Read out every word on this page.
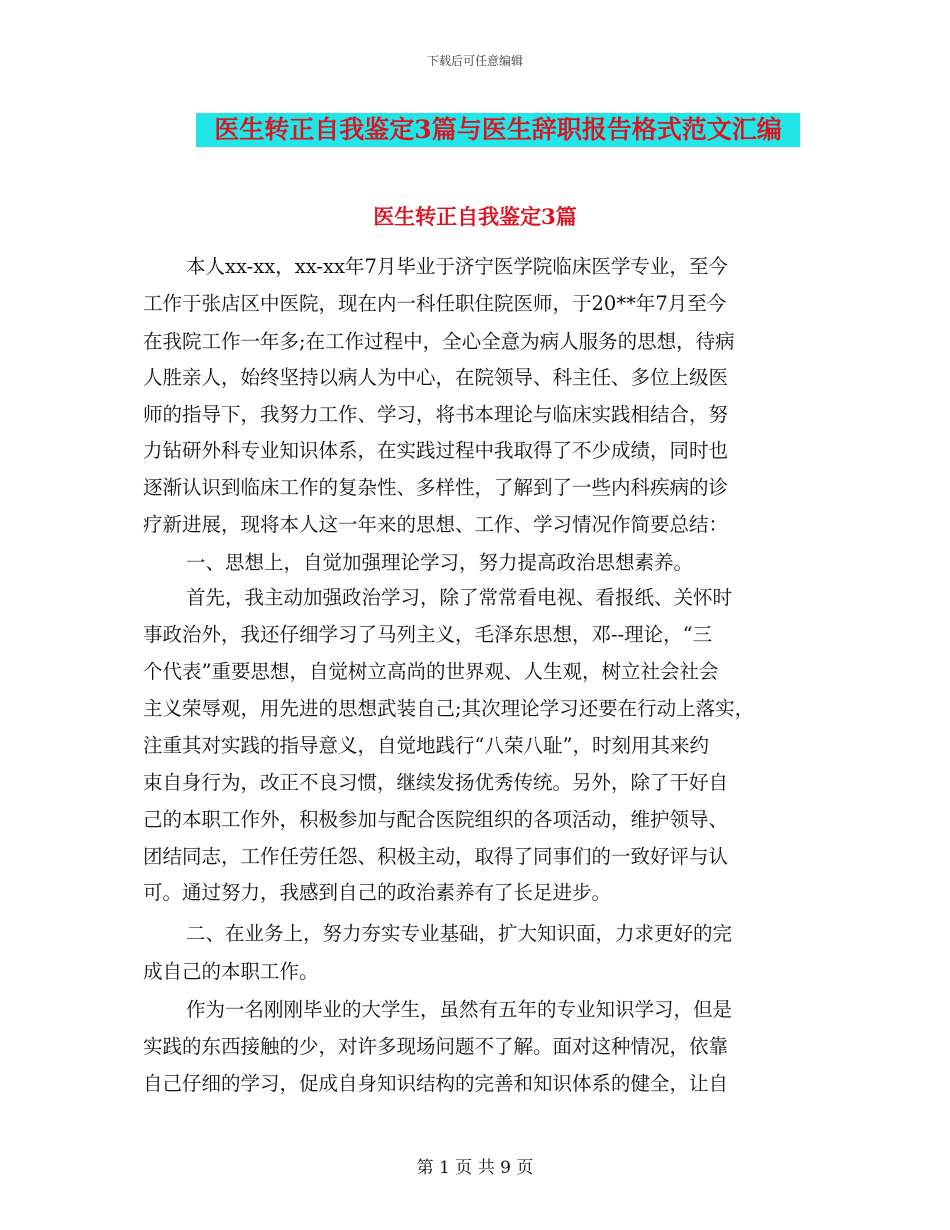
下载后可任意编辑
医生转正自我鉴定3篇与医生辞职报告格式范文汇编
医生转正自我鉴定3篇
本人xx-xx，xx-xx年7月毕业于济宁医学院临床医学专业，至今
工作于张店区中医院，现在内一科任职住院医师，于20**年7月至今
在我院工作一年多;在工作过程中，全心全意为病人服务的思想，待病
人胜亲人，始终坚持以病人为中心，在院领导、科主任、多位上级医
师的指导下，我努力工作、学习，将书本理论与临床实践相结合，努
力钻研外科专业知识体系，在实践过程中我取得了不少成绩，同时也
逐渐认识到临床工作的复杂性、多样性，了解到了一些内科疾病的诊
疗新进展，现将本人这一年来的思想、工作、学习情况作简要总结：
一、思想上，自觉加强理论学习，努力提高政治思想素养。
首先，我主动加强政治学习，除了常常看电视、看报纸、关怀时
事政治外，我还仔细学习了马列主义，毛泽东思想，邓--理论，“三
个代表”重要思想，自觉树立高尚的世界观、人生观，树立社会社会
主义荣辱观，用先进的思想武装自己;其次理论学习还要在行动上落实，
注重其对实践的指导意义，自觉地践行“八荣八耻”，时刻用其来约
束自身行为，改正不良习惯，继续发扬优秀传统。另外，除了干好自
己的本职工作外，积极参加与配合医院组织的各项活动，维护领导、
团结同志，工作任劳任怨、积极主动，取得了同事们的一致好评与认
可。通过努力，我感到自己的政治素养有了长足进步。
二、在业务上，努力夯实专业基础，扩大知识面，力求更好的完
成自己的本职工作。
作为一名刚刚毕业的大学生，虽然有五年的专业知识学习，但是
实践的东西接触的少，对许多现场问题不了解。面对这种情况，依靠
自己仔细的学习，促成自身知识结构的完善和知识体系的健全，让自
第 1 页 共 9 页
